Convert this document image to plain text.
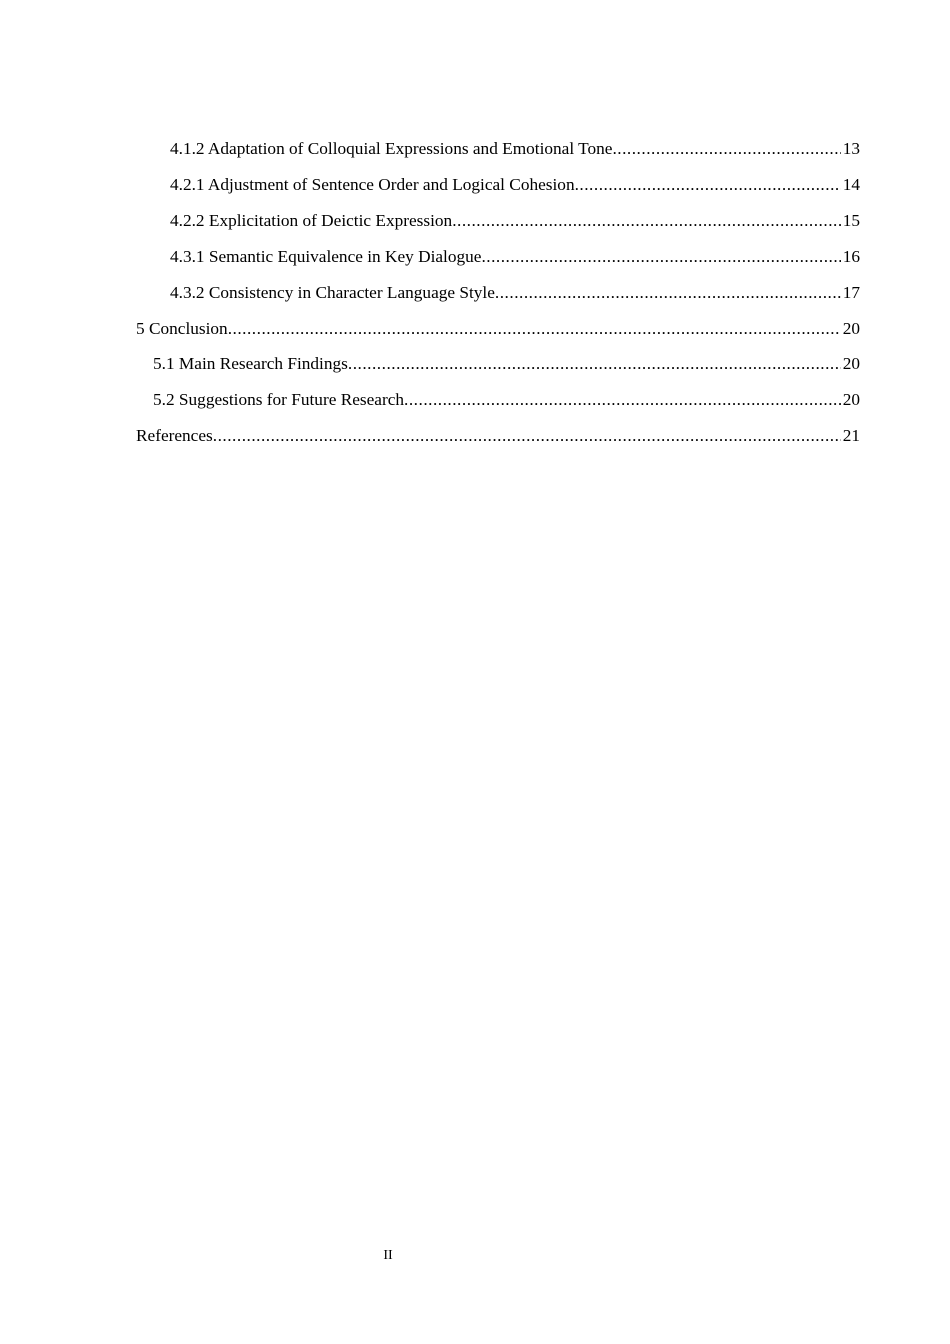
4.1.2 Adaptation of Colloquial Expressions and Emotional Tone .....	13
4.2.1 Adjustment of Sentence Order and Logical Cohesion .....	14
4.2.2 Explicitation of Deictic Expression .....	15
4.3.1 Semantic Equivalence in Key Dialogue .....	16
4.3.2 Consistency in Character Language Style .....	17
5 Conclusion .....	20
5.1 Main Research Findings .....	20
5.2 Suggestions for Future Research .....	20
References .....	21
II
